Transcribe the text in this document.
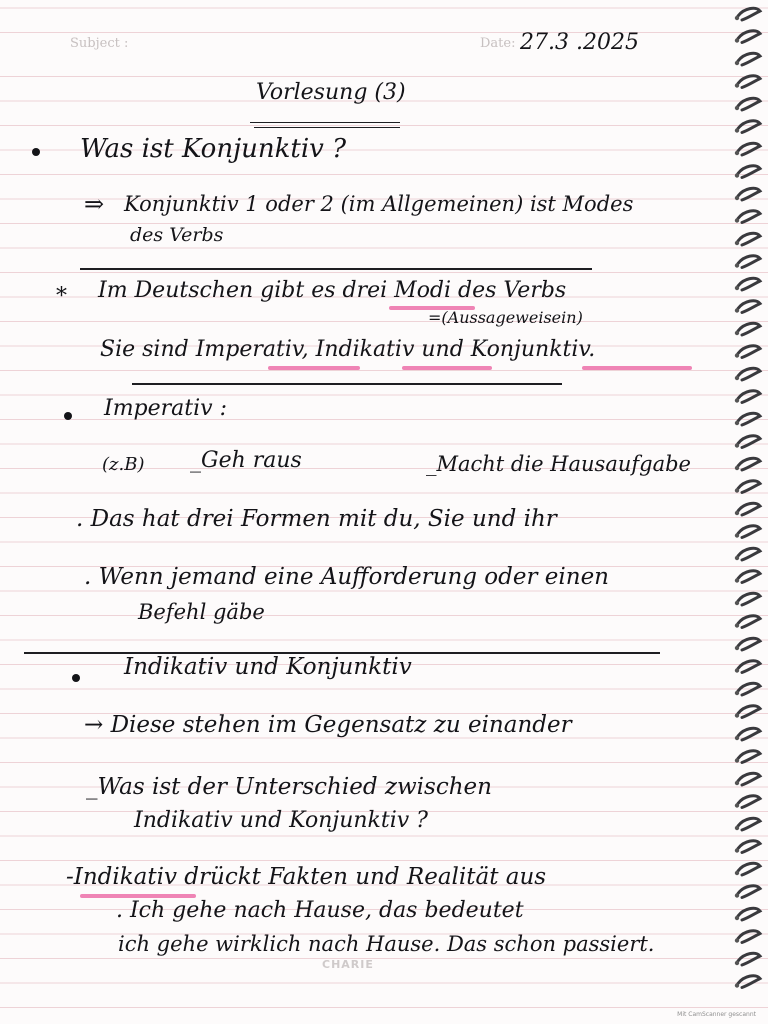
Subject :	Date: 27.3 .2025
Vorlesung (3)
Was ist Konjunktiv ?
⇒ Konjunktiv 1 oder 2 (im Allgemeinen) ist Modes
des Verbs
* Im Deutschen gibt es drei Modi des Verbs
=(Aussageweisein)
Sie sind Imperativ, Indikativ und Konjunktiv.
Imperativ :
(z.B) _Geh raus	_Macht die Hausaufgabe
. Das hat drei Formen mit du, Sie und ihr
. Wenn jemand eine Aufforderung oder einen
Befehl gäbe
Indikativ und Konjunktiv
→ Diese stehen im Gegensatz zu einander
_Was ist der Unterschied zwischen
Indikativ und Konjunktiv ?
-Indikativ drückt Fakten und Realität aus
. Ich gehe nach Hause, das bedeutet
ich gehe wirklich nach Hause. Das schon passiert.
CHARIE
Mit CamScanner gescannt
